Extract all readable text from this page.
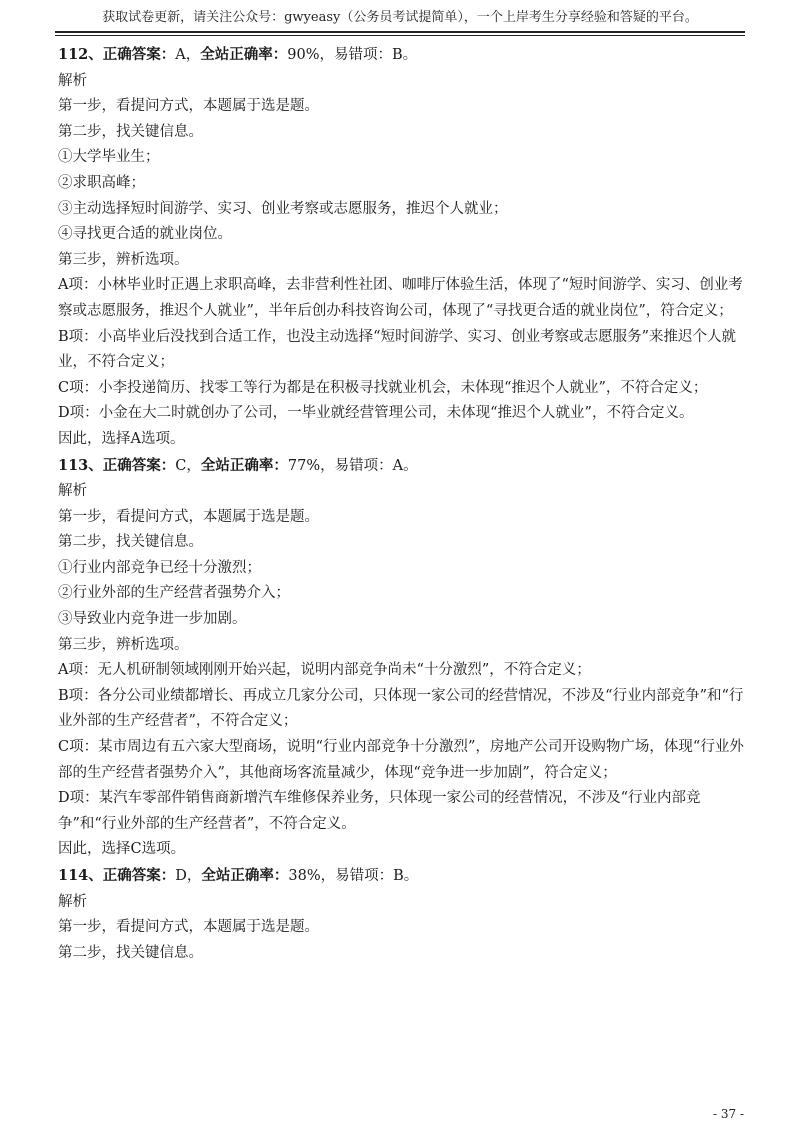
获取试卷更新，请关注公众号：gwyeasy（公务员考试提简单），一个上岸考生分享经验和答疑的平台。

112、正确答案：A，全站正确率：90%，易错项：B。

解析

第一步，看提问方式，本题属于选是题。

第二步，找关键信息。

①大学毕业生；

②求职高峰；

③主动选择短时间游学、实习、创业考察或志愿服务，推迟个人就业；

④寻找更合适的就业岗位。

第三步，辨析选项。

A项：小林毕业时正遇上求职高峰，去非营利性社团、咖啡厅体验生活，体现了“短时间游学、实习、创业考察或志愿服务，推迟个人就业”，半年后创办科技咨询公司，体现了“寻找更合适的就业岗位”，符合定义；

B项：小高毕业后没找到合适工作，也没主动选择“短时间游学、实习、创业考察或志愿服务”来推迟个人就业，不符合定义；

C项：小李投递简历、找零工等行为都是在积极寻找就业机会，未体现“推迟个人就业”，不符合定义；

D项：小金在大二时就创办了公司，一毕业就经营管理公司，未体现“推迟个人就业”，不符合定义。

因此，选择A选项。

113、正确答案：C，全站正确率：77%，易错项：A。

解析

第一步，看提问方式，本题属于选是题。

第二步，找关键信息。

①行业内部竞争已经十分激烈；

②行业外部的生产经营者强势介入；

③导致业内竞争进一步加剧。

第三步，辨析选项。

A项：无人机研制领域刚刚开始兴起，说明内部竞争尚未“十分激烈”，不符合定义；

B项：各分公司业绩都增长、再成立几家分公司，只体现一家公司的经营情况，不涉及“行业内部竞争”和“行业外部的生产经营者”，不符合定义；

C项：某市周边有五六家大型商场，说明“行业内部竞争十分激烈”，房地产公司开设购物广场，体现“行业外部的生产经营者强势介入”，其他商场客流量减少，体现“竞争进一步加剧”，符合定义；

D项：某汽车零部件销售商新增汽车维修保养业务，只体现一家公司的经营情况，不涉及“行业内部竞争”和“行业外部的生产经营者”，不符合定义。

因此，选择C选项。

114、正确答案：D，全站正确率：38%，易错项：B。

解析

第一步，看提问方式，本题属于选是题。

第二步，找关键信息。

- 37 -
